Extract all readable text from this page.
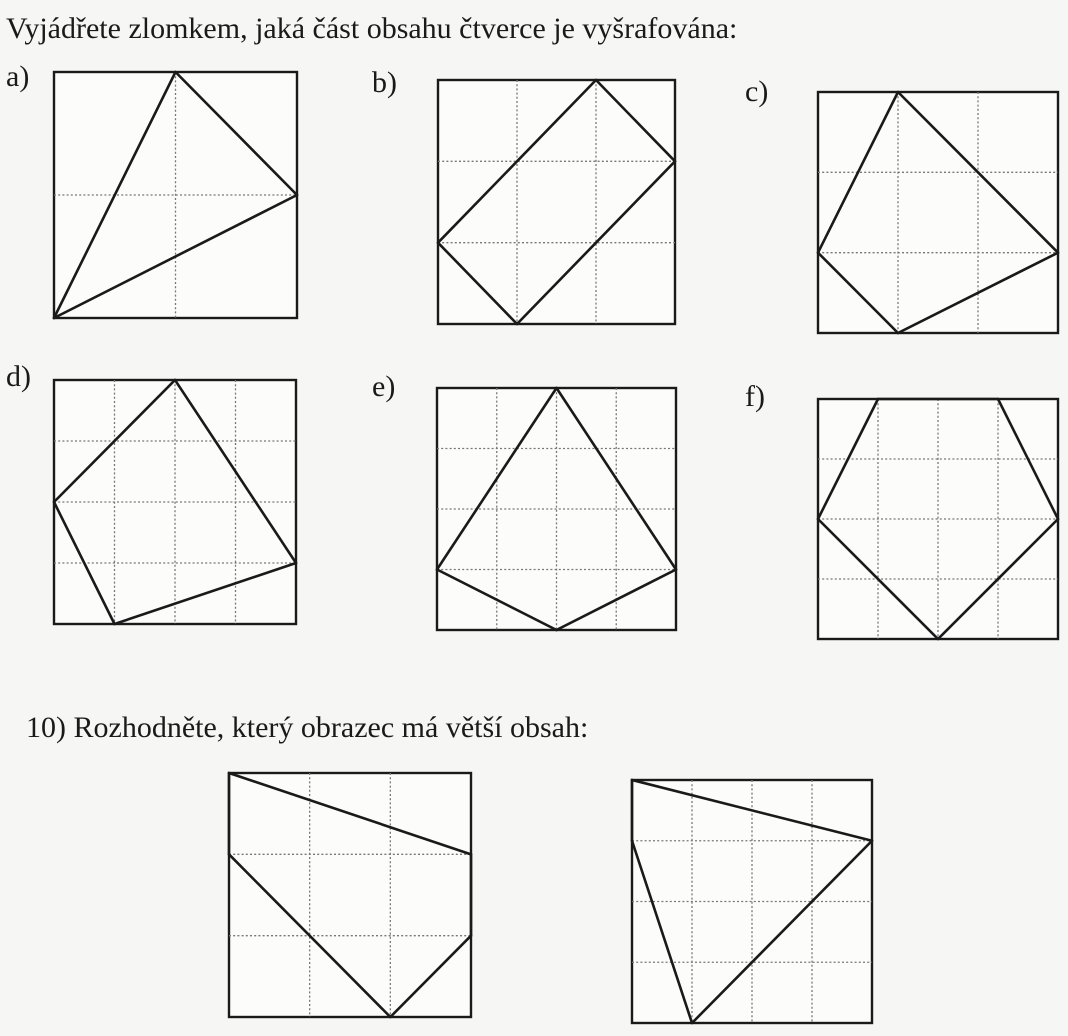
Vyjádřete zlomkem, jaká část obsahu čtverce je vyšrafována:
a)	b)	c)
d)	e)	f)
10) Rozhodněte, který obrazec má větší obsah:
